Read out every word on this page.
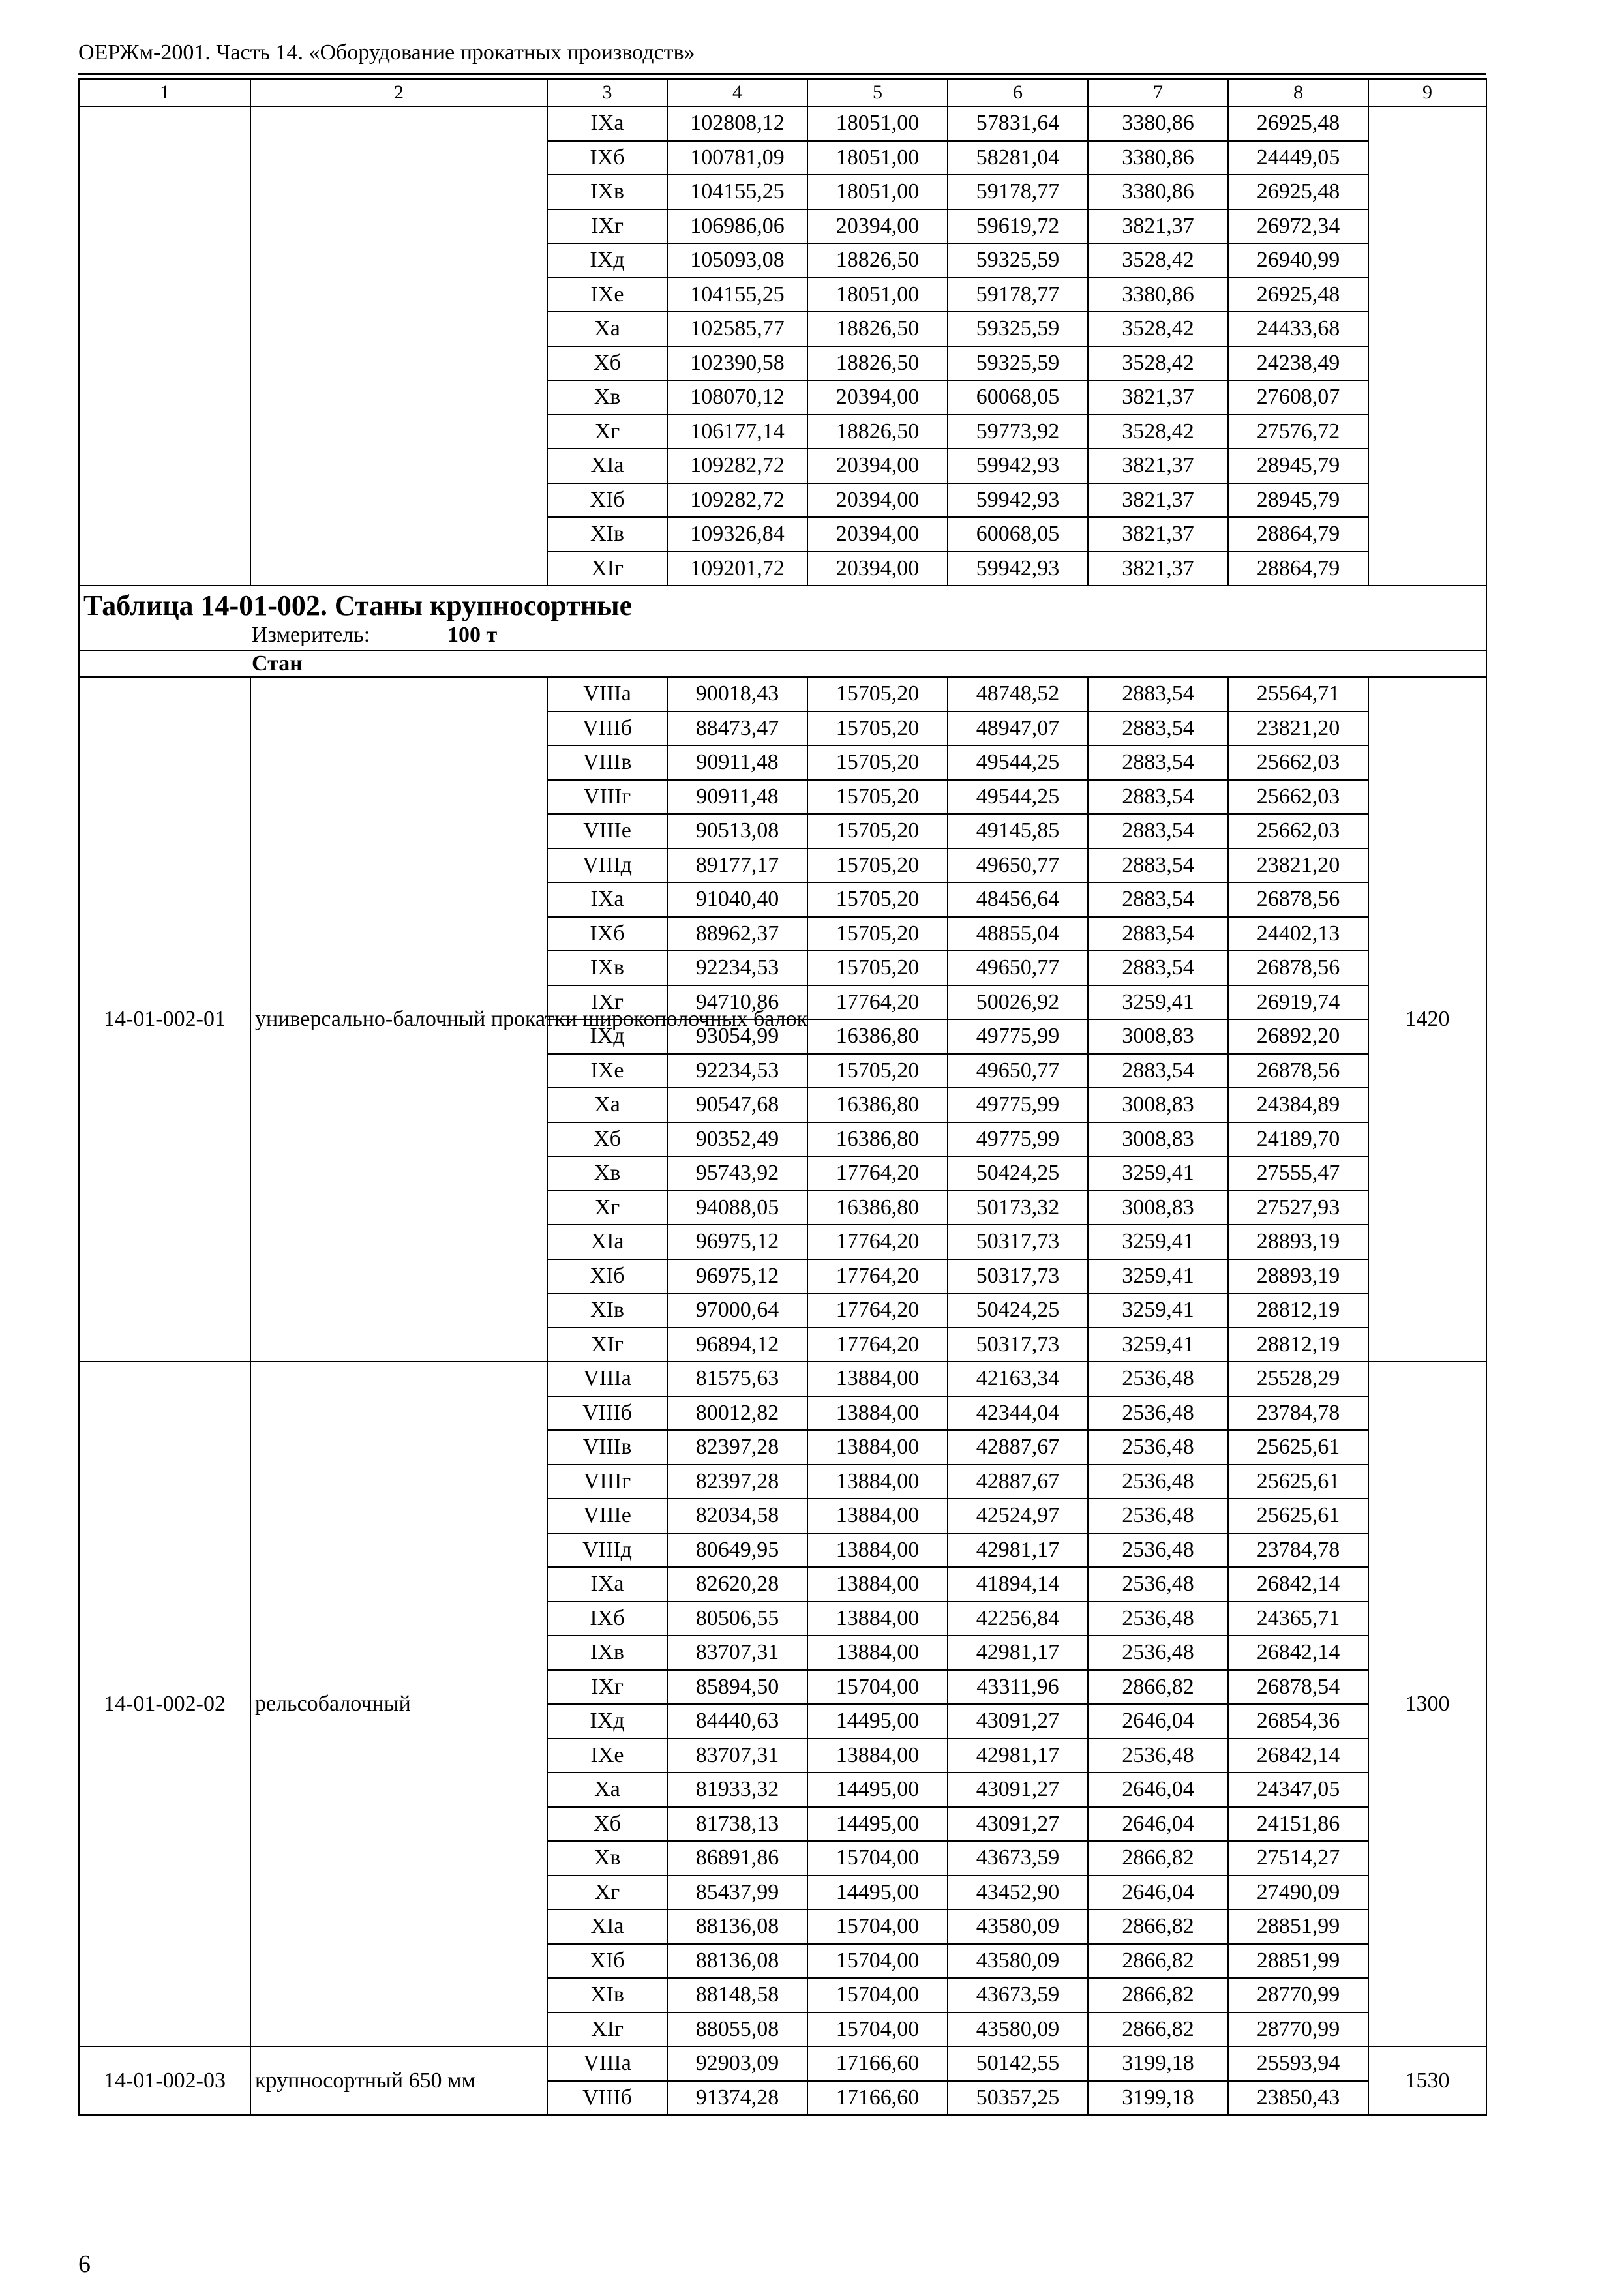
ОЕРЖм-2001. Часть 14. «Оборудование прокатных производств»
1	2	3	4	5	6	7	8	9
		IXа	102808,12	18051,00	57831,64	3380,86	26925,48	
		IXб	100781,09	18051,00	58281,04	3380,86	24449,05	
		IXв	104155,25	18051,00	59178,77	3380,86	26925,48	
		IXг	106986,06	20394,00	59619,72	3821,37	26972,34	
		IXд	105093,08	18826,50	59325,59	3528,42	26940,99	
		IXе	104155,25	18051,00	59178,77	3380,86	26925,48	
		Xа	102585,77	18826,50	59325,59	3528,42	24433,68	
		Xб	102390,58	18826,50	59325,59	3528,42	24238,49	
		Xв	108070,12	20394,00	60068,05	3821,37	27608,07	
		Xг	106177,14	18826,50	59773,92	3528,42	27576,72	
		XIа	109282,72	20394,00	59942,93	3821,37	28945,79	
		XIб	109282,72	20394,00	59942,93	3821,37	28945,79	
		XIв	109326,84	20394,00	60068,05	3821,37	28864,79	
		XIг	109201,72	20394,00	59942,93	3821,37	28864,79	

Таблица 14-01-002. Станы крупносортные
Измеритель: 100 т								

Стан								

14-01-002-01	универсально-балочный прокатки широкополочных балок	VIIIа	90018,43	15705,20	48748,52	2883,54	25564,71	1420
		VIIIб	88473,47	15705,20	48947,07	2883,54	23821,20	
		VIIIв	90911,48	15705,20	49544,25	2883,54	25662,03	
		VIIIг	90911,48	15705,20	49544,25	2883,54	25662,03	
		VIIIе	90513,08	15705,20	49145,85	2883,54	25662,03	
		VIIIд	89177,17	15705,20	49650,77	2883,54	23821,20	
		IXа	91040,40	15705,20	48456,64	2883,54	26878,56	
		IXб	88962,37	15705,20	48855,04	2883,54	24402,13	
		IXв	92234,53	15705,20	49650,77	2883,54	26878,56	
		IXг	94710,86	17764,20	50026,92	3259,41	26919,74	
		IXд	93054,99	16386,80	49775,99	3008,83	26892,20	
		IXе	92234,53	15705,20	49650,77	2883,54	26878,56	
		Xа	90547,68	16386,80	49775,99	3008,83	24384,89	
		Xб	90352,49	16386,80	49775,99	3008,83	24189,70	
		Xв	95743,92	17764,20	50424,25	3259,41	27555,47	
		Xг	94088,05	16386,80	50173,32	3008,83	27527,93	
		XIа	96975,12	17764,20	50317,73	3259,41	28893,19	
		XIб	96975,12	17764,20	50317,73	3259,41	28893,19	
		XIв	97000,64	17764,20	50424,25	3259,41	28812,19	
		XIг	96894,12	17764,20	50317,73	3259,41	28812,19	
14-01-002-02	рельсобалочный	VIIIа	81575,63	13884,00	42163,34	2536,48	25528,29	1300
		VIIIб	80012,82	13884,00	42344,04	2536,48	23784,78	
		VIIIв	82397,28	13884,00	42887,67	2536,48	25625,61	
		VIIIг	82397,28	13884,00	42887,67	2536,48	25625,61	
		VIIIе	82034,58	13884,00	42524,97	2536,48	25625,61	
		VIIIд	80649,95	13884,00	42981,17	2536,48	23784,78	
		IXа	82620,28	13884,00	41894,14	2536,48	26842,14	
		IXб	80506,55	13884,00	42256,84	2536,48	24365,71	
		IXв	83707,31	13884,00	42981,17	2536,48	26842,14	
		IXг	85894,50	15704,00	43311,96	2866,82	26878,54	
		IXд	84440,63	14495,00	43091,27	2646,04	26854,36	
		IXе	83707,31	13884,00	42981,17	2536,48	26842,14	
		Xа	81933,32	14495,00	43091,27	2646,04	24347,05	
		Xб	81738,13	14495,00	43091,27	2646,04	24151,86	
		Xв	86891,86	15704,00	43673,59	2866,82	27514,27	
		Xг	85437,99	14495,00	43452,90	2646,04	27490,09	
		XIа	88136,08	15704,00	43580,09	2866,82	28851,99	
		XIб	88136,08	15704,00	43580,09	2866,82	28851,99	
		XIв	88148,58	15704,00	43673,59	2866,82	28770,99	
		XIг	88055,08	15704,00	43580,09	2866,82	28770,99	
14-01-002-03	крупносортный 650 мм	VIIIа	92903,09	17166,60	50142,55	3199,18	25593,94	1530
		VIIIб	91374,28	17166,60	50357,25	3199,18	23850,43	
6
